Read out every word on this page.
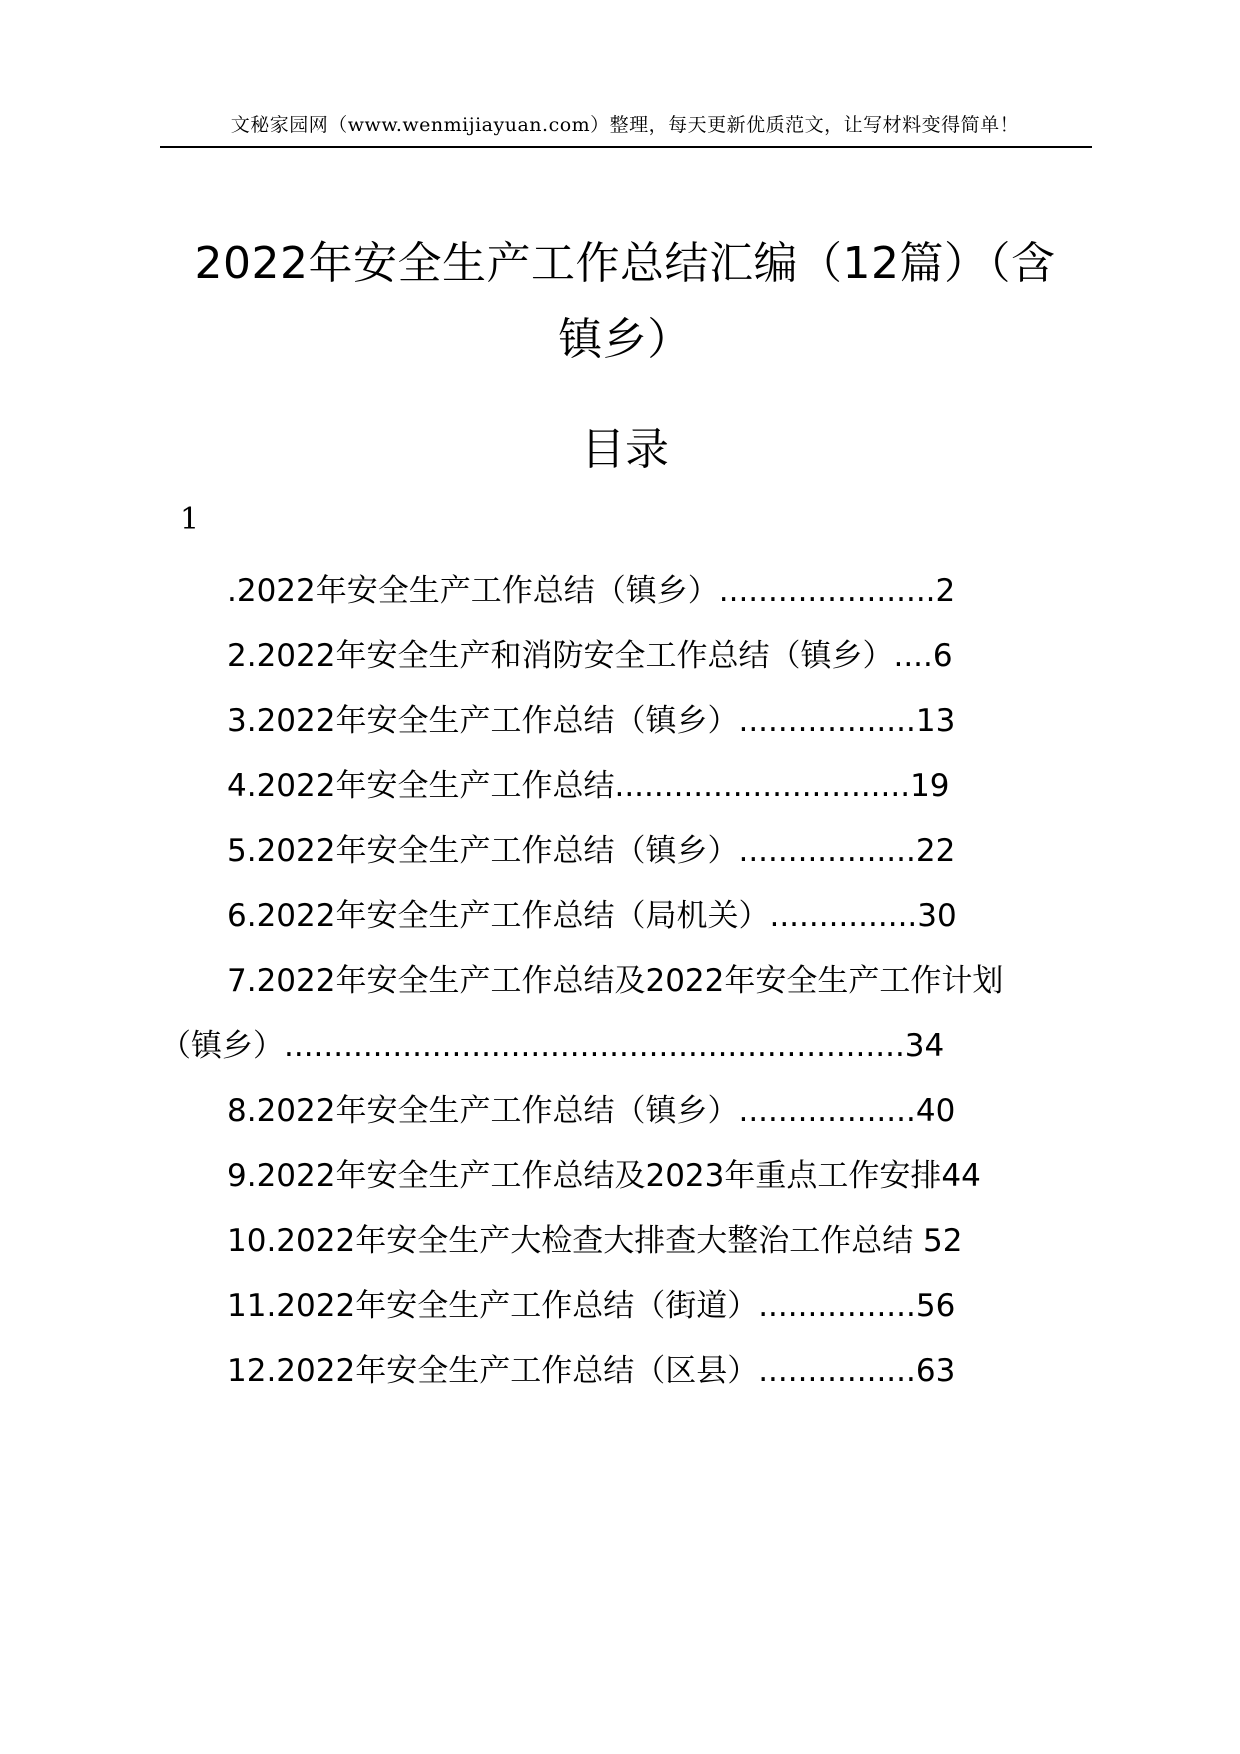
文秘家园网（www.wenmijiayuan.com）整理，每天更新优质范文，让写材料变得简单！
2022年安全生产工作总结汇编（12篇）（含
镇乡）
目录
1
.2022年安全生产工作总结（镇乡）......................2
2.2022年安全生产和消防安全工作总结（镇乡）....6
3.2022年安全生产工作总结（镇乡）..................13
4.2022年安全生产工作总结..............................19
5.2022年安全生产工作总结（镇乡）..................22
6.2022年安全生产工作总结（局机关）...............30
7.2022年安全生产工作总结及2022年安全生产工作计划
（镇乡）...............................................................34
8.2022年安全生产工作总结（镇乡）..................40
9.2022年安全生产工作总结及2023年重点工作安排44
10.2022年安全生产大检查大排查大整治工作总结 52
11.2022年安全生产工作总结（街道）................56
12.2022年安全生产工作总结（区县）................63
